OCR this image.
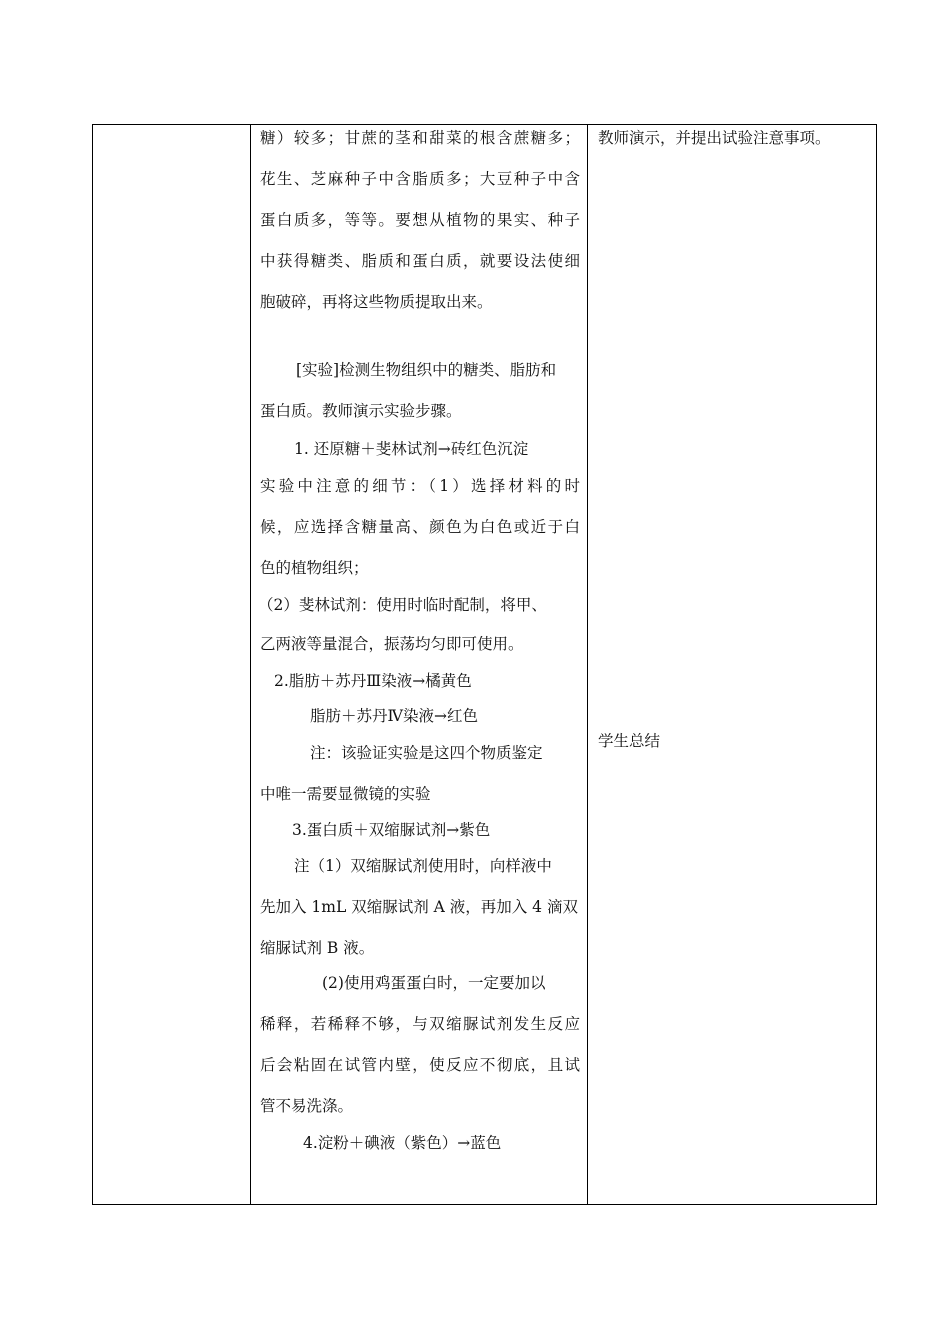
糖）较多；甘蔗的茎和甜菜的根含蔗糖多；
花生、芝麻种子中含脂质多；大豆种子中含
蛋白质多，等等。要想从植物的果实、种子
中获得糖类、脂质和蛋白质，就要设法使细
胞破碎，再将这些物质提取出来。
[实验]检测生物组织中的糖类、脂肪和
蛋白质。教师演示实验步骤。
1. 还原糖＋斐林试剂→砖红色沉淀
实验中注意的细节：（1）选择材料的时
候，应选择含糖量高、颜色为白色或近于白
色的植物组织；
（2）斐林试剂：使用时临时配制，将甲、
乙两液等量混合，振荡均匀即可使用。
2.脂肪＋苏丹Ⅲ染液→橘黄色
脂肪＋苏丹Ⅳ染液→红色
注：该验证实验是这四个物质鉴定
中唯一需要显微镜的实验
3.蛋白质＋双缩脲试剂→紫色
注（1）双缩脲试剂使用时，向样液中
先加入 1mL 双缩脲试剂 A 液，再加入 4 滴双
缩脲试剂 B 液。
(2)使用鸡蛋蛋白时，一定要加以
稀释，若稀释不够，与双缩脲试剂发生反应
后会粘固在试管内壁，使反应不彻底，且试
管不易洗涤。
4.淀粉＋碘液（紫色）→蓝色
教师演示，并提出试验注意事项。
学生总结
